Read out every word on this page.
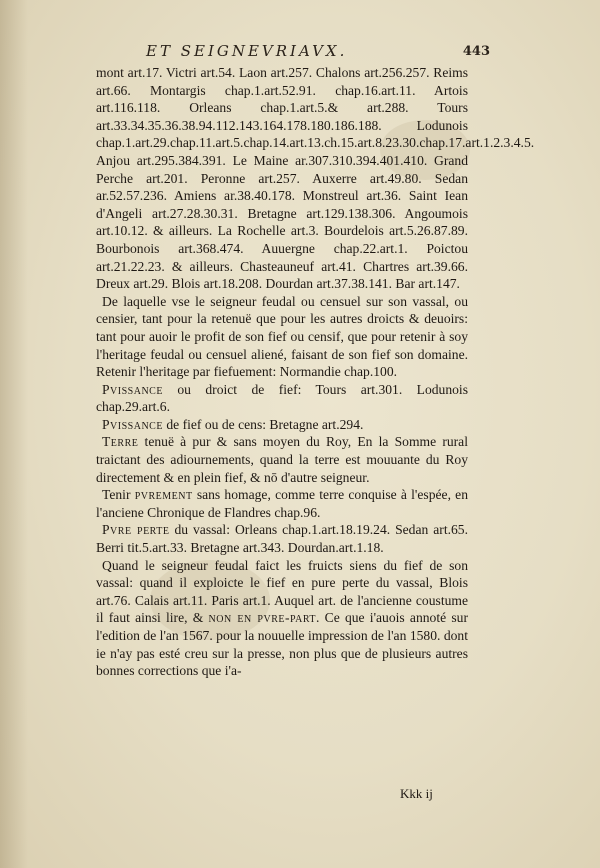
ET SEIGNEVRIAVX.	443

mont art.17. Victri art.54. Laon art.257. Chalons art.256.257. Reims art.66. Montargis chap.1.art.52.91. chap.16.art.11. Artois art.116.118. Orleans chap.1.art.5.& art.288. Tours art.33.34.35.36.38.94.112.143.164.178.180.186.188. Lodunois chap.1.art.29.chap.11.art.5.chap.14.art.13.ch.15.art.8.23.30.chap.17.art.1.2.3.4.5. Anjou art.295.384.391. Le Maine ar.307.310.394.401.410. Grand Perche art.201. Peronne art.257. Auxerre art.49.80. Sedan ar.52.57.236. Amiens ar.38.40.178. Monstreul art.36. Saint Iean d'Angeli art.27.28.30.31. Bretagne art.129.138.306. Angoumois art.10.12. & ailleurs. La Rochelle art.3. Bourdelois art.5.26.87.89. Bourbonois art.368.474. Auuergne chap.22.art.1. Poictou art.21.22.23. & ailleurs. Chasteauneuf art.41. Chartres art.39.66. Dreux art.29. Blois art.18.208. Dourdan art.37.38.141. Bar art.147.

De laquelle vse le seigneur feudal ou censuel sur son vassal, ou censier, tant pour la retenuë que pour les autres droicts & deuoirs: tant pour auoir le profit de son fief ou censif, que pour retenir à soy l'heritage feudal ou censuel aliené, faisant de son fief son domaine. Retenir l'heritage par fiefuement: Normandie chap.100.

Pvissance ou droict de fief: Tours art.301. Lodunois chap.29.art.6.

Pvissance de fief ou de cens: Bretagne art.294.

Terre tenuë à pur & sans moyen du Roy, En la Somme rural traictant des adiournements, quand la terre est mouuante du Roy directement & en plein fief, & nō d'autre seigneur.

Tenir pvrement sans homage, comme terre conquise à l'espée, en l'anciene Chronique de Flandres chap.96.

Pvre perte du vassal: Orleans chap.1.art.18.19.24. Sedan art.65. Berri tit.5.art.33. Bretagne art.343. Dourdan.art.1.18.

Quand le seigneur feudal faict les fruicts siens du fief de son vassal: quand il exploicte le fief en pure perte du vassal, Blois art.76. Calais art.11. Paris art.1. Auquel art. de l'ancienne coustume il faut ainsi lire, & non en pvre-part. Ce que i'auois annoté sur l'edition de l'an 1567. pour la nouuelle impression de l'an 1580. dont ie n'ay pas esté creu sur la presse, non plus que de plusieurs autres bonnes corrections que i'a-

Kkk ij
